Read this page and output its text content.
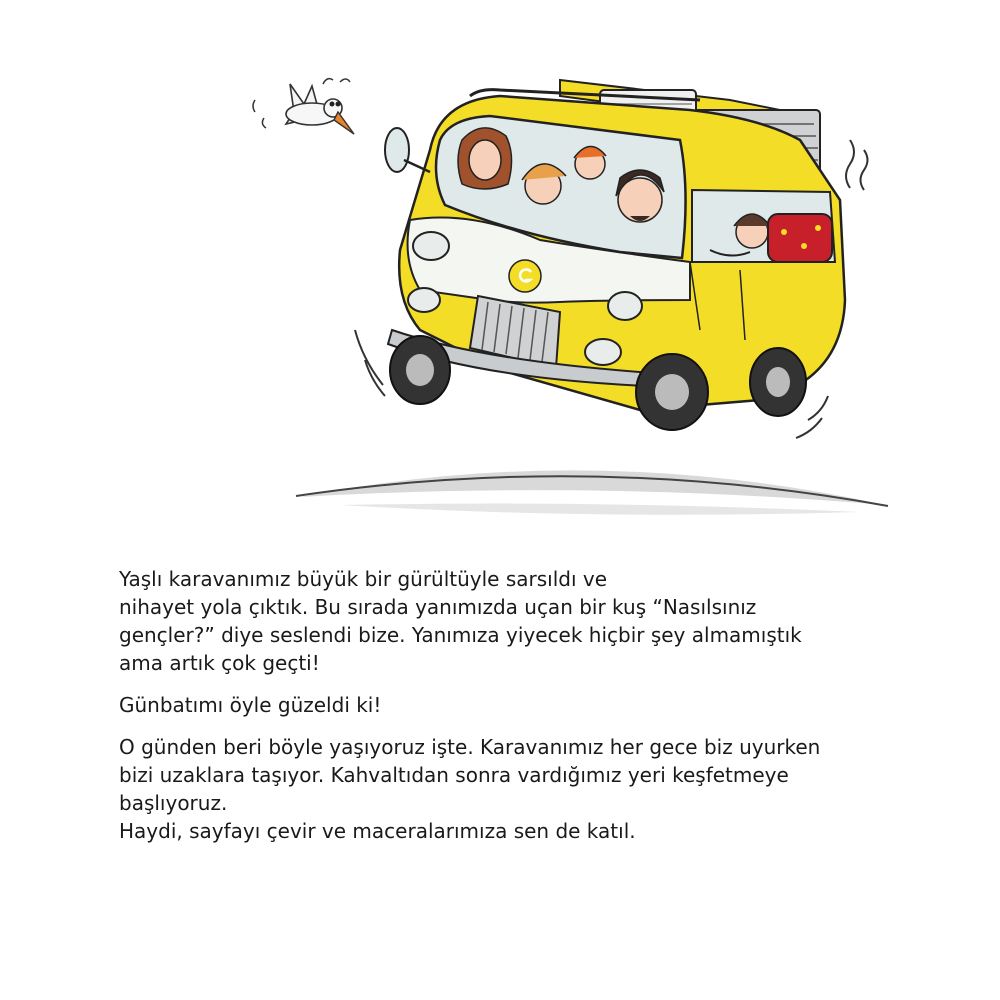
Yaşlı karavanımız büyük bir gürültüyle sarsıldı ve
nihayet yola çıktık. Bu sırada yanımızda uçan bir kuş “Nasılsınız
gençler?” diye seslendi bize. Yanımıza yiyecek hiçbir şey almamıştık
ama artık çok geçti!

Günbatımı öyle güzeldi ki!

O günden beri böyle yaşıyoruz işte. Karavanımız her gece biz uyurken
bizi uzaklara taşıyor. Kahvaltıdan sonra vardığımız yeri keşfetmeye
başlıyoruz.
Haydi, sayfayı çevir ve maceralarımıza sen de katıl.
